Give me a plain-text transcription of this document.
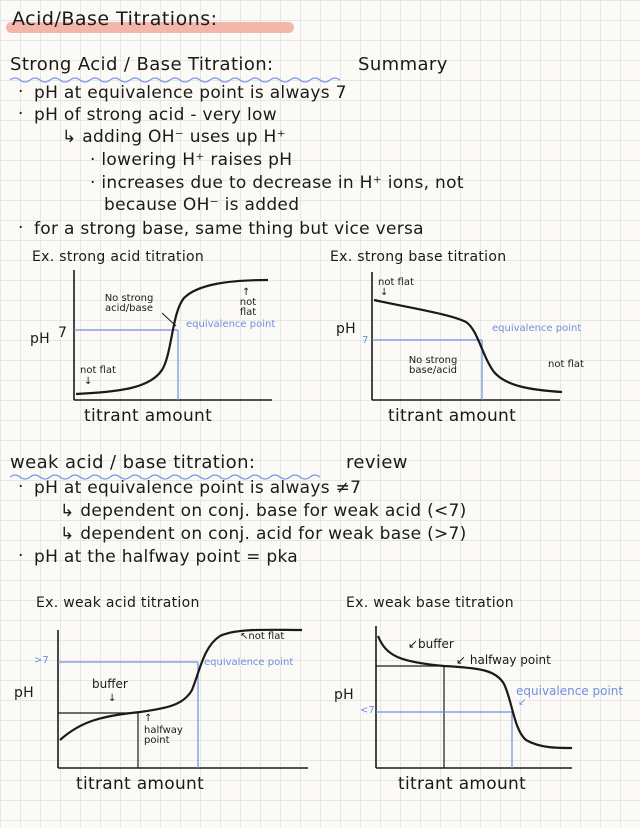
Acid/Base Titrations:
Strong Acid / Base Titration:	Summary
· pH at equivalence point is always 7
· pH of strong acid - very low
↳ adding OH⁻ uses up H⁺
· lowering H⁺ raises pH
· increases due to decrease in H⁺ ions, not
because OH⁻ is added
· for a strong base, same thing but vice versa
Ex. strong acid titration
pH 7
No strong acid/base
↑
not flat
equivalence point
not flat
↓
titrant amount
Ex. strong base titration
pH
7
not flat
↓
equivalence point
No strong base/acid
not flat
titrant amount
weak acid / base titration:	review
· pH at equivalence point is always ≠7
↳ dependent on conj. base for weak acid (<7)
↳ dependent on conj. acid for weak base (>7)
· pH at the halfway point = pka
Ex. weak acid titration
pH
>7
↖not flat
equivalence point
buffer
↓
↑
halfway point
titrant amount
Ex. weak base titration
pH
<7
↙buffer
↙ halfway point
equivalence point
↙
titrant amount
